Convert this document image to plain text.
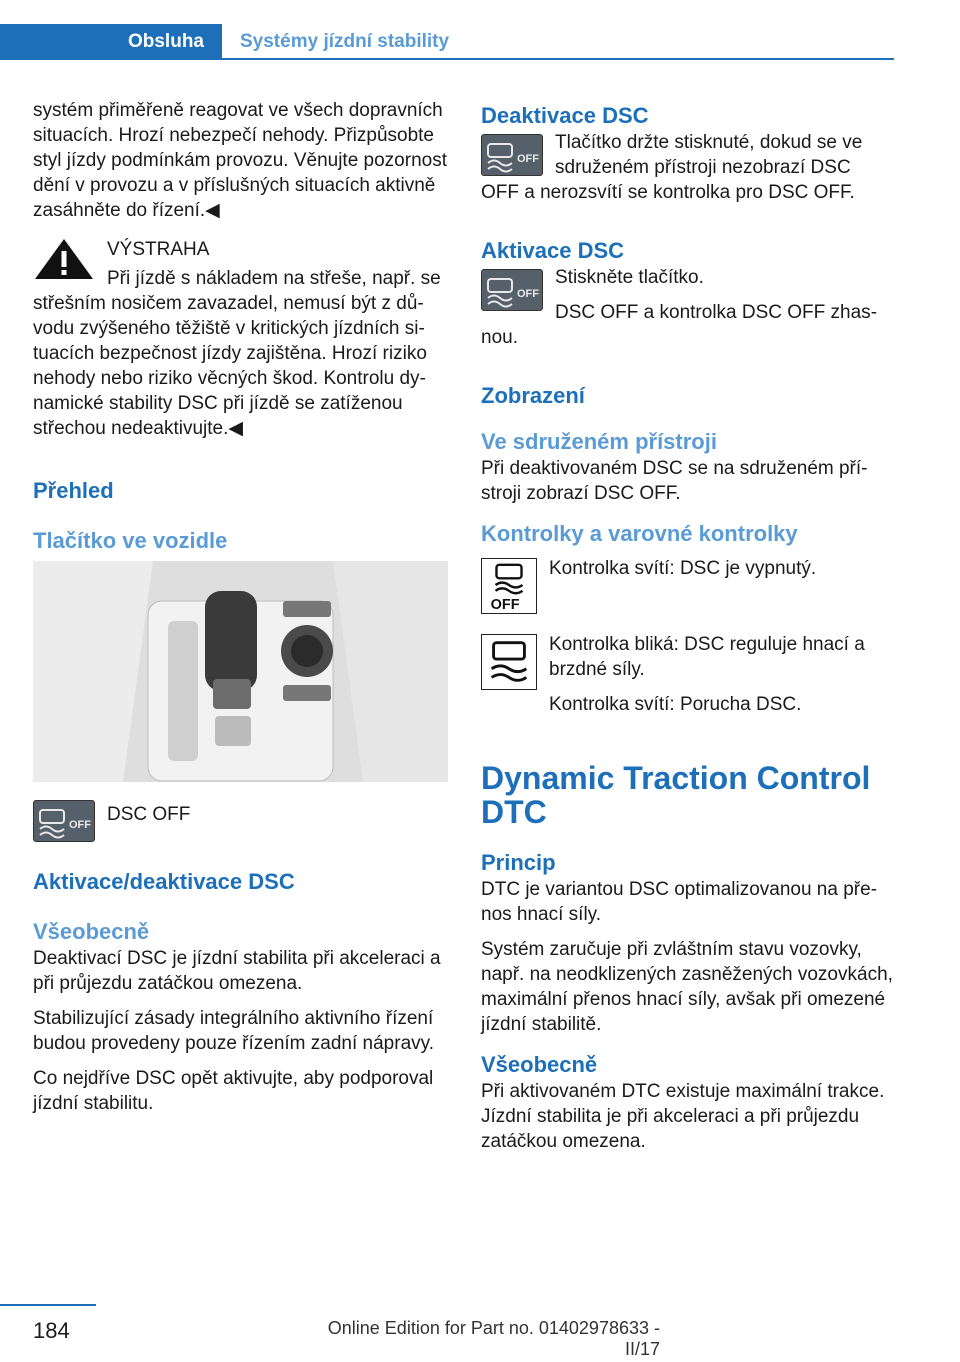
Obsluha	Systémy jízdní stability

systém přiměřeně reagovat ve všech dopravních situacích. Hrozí nebezpečí nehody. Přizpůsobte styl jízdy podmínkám provozu. Věnujte pozornost dění v provozu a v příslušných situacích aktivně zasáhněte do řízení.◀

VÝSTRAHA

Při jízdě s nákladem na střeše, např. se střešním nosičem zavazadel, nemusí být z důvodu zvýšeného těžiště v kritických jízdních situacích bezpečnost jízdy zajištěna. Hrozí riziko nehody nebo riziko věcných škod. Kontrolu dynamické stability DSC při jízdě se zatíženou střechou nedeaktivujte.◀

Přehled
Tlačítko ve vozidle
OFF DSC OFF

Aktivace/deaktivace DSC
Všeobecně

Deaktivací DSC je jízdní stabilita při akceleraci a při průjezdu zatáčkou omezena.

Stabilizující zásady integrálního aktivního řízení budou provedeny pouze řízením zadní nápravy.

Co nejdříve DSC opět aktivujte, aby podporoval jízdní stabilitu.

Deaktivace DSC
OFF

Tlačítko držte stisknuté, dokud se ve sdruženém přístroji nezobrazí DSC OFF a nerozsvítí se kontrolka pro DSC OFF.

Aktivace DSC
OFF

Stiskněte tlačítko.

DSC OFF a kontrolka DSC OFF zhasnou.

Zobrazení
Ve sdruženém přístroji

Při deaktivovaném DSC se na sdruženém přístroji zobrazí DSC OFF.

Kontrolky a varovné kontrolky
OFF

Kontrolka svítí: DSC je vypnutý.

Kontrolka bliká: DSC reguluje hnací a brzdné síly.

Kontrolka svítí: Porucha DSC.

Dynamic Traction Control DTC
Princip

DTC je variantou DSC optimalizovanou na přenos hnací síly.

Systém zaručuje při zvláštním stavu vozovky, např. na neodklizených zasněžených vozovkách, maximální přenos hnací síly, avšak při omezené jízdní stabilitě.

Všeobecně

Při aktivovaném DTC existuje maximální trakce. Jízdní stabilita je při akceleraci a při průjezdu zatáčkou omezena.

184	Online Edition for Part no. 01402978633 - II/17
